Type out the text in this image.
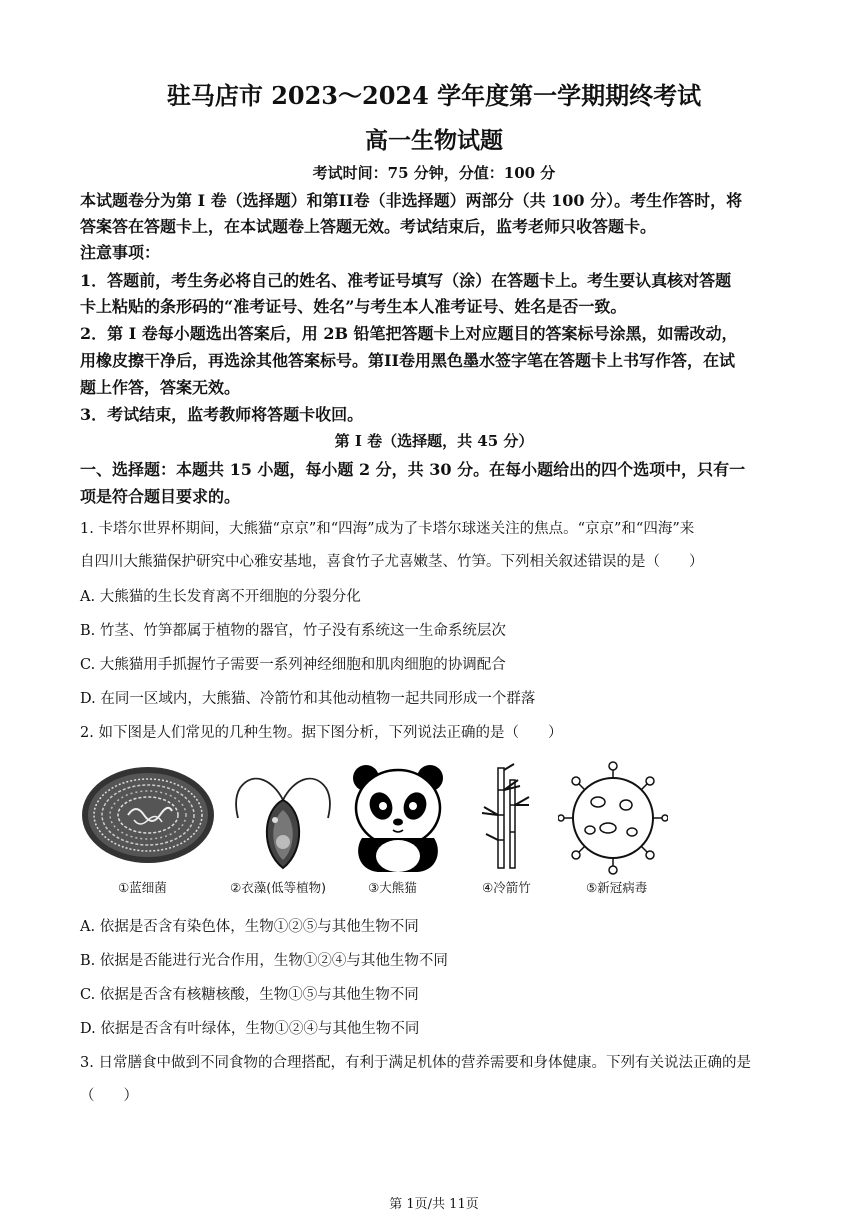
驻马店市 2023～2024 学年度第一学期期终考试
高一生物试题
考试时间：75 分钟，分值：100 分
本试题卷分为第 I 卷（选择题）和第II卷（非选择题）两部分（共 100 分）。考生作答时，将
答案答在答题卡上，在本试题卷上答题无效。考试结束后，监考老师只收答题卡。
注意事项：
1．答题前，考生务必将自己的姓名、准考证号填写（涂）在答题卡上。考生要认真核对答题
卡上粘贴的条形码的“准考证号、姓名”与考生本人准考证号、姓名是否一致。
2．第 I 卷每小题选出答案后，用 2B 铅笔把答题卡上对应题目的答案标号涂黑，如需改动，
用橡皮擦干净后，再选涂其他答案标号。第II卷用黑色墨水签字笔在答题卡上书写作答，在试
题上作答，答案无效。
3．考试结束，监考教师将答题卡收回。
第 I 卷（选择题，共 45 分）
一、选择题：本题共 15 小题，每小题 2 分，共 30 分。在每小题给出的四个选项中，只有一
项是符合题目要求的。
1. 卡塔尔世界杯期间，大熊猫“京京”和“四海”成为了卡塔尔球迷关注的焦点。“京京”和“四海”来
自四川大熊猫保护研究中心雅安基地，喜食竹子尤喜嫩茎、竹笋。下列相关叙述错误的是（　　）
A. 大熊猫的生长发育离不开细胞的分裂分化
B. 竹茎、竹笋都属于植物的器官，竹子没有系统这一生命系统层次
C. 大熊猫用手抓握竹子需要一系列神经细胞和肌肉细胞的协调配合
D. 在同一区域内，大熊猫、冷箭竹和其他动植物一起共同形成一个群落
2. 如下图是人们常见的几种生物。据下图分析，下列说法正确的是（　　）
①蓝细菌	②衣藻(低等植物)	③大熊猫	④冷箭竹	⑤新冠病毒
A. 依据是否含有染色体，生物①②⑤与其他生物不同
B. 依据是否能进行光合作用，生物①②④与其他生物不同
C. 依据是否含有核糖核酸，生物①⑤与其他生物不同
D. 依据是否含有叶绿体，生物①②④与其他生物不同
3. 日常膳食中做到不同食物的合理搭配，有利于满足机体的营养需要和身体健康。下列有关说法正确的是
（　　）
第 1页/共 11页
